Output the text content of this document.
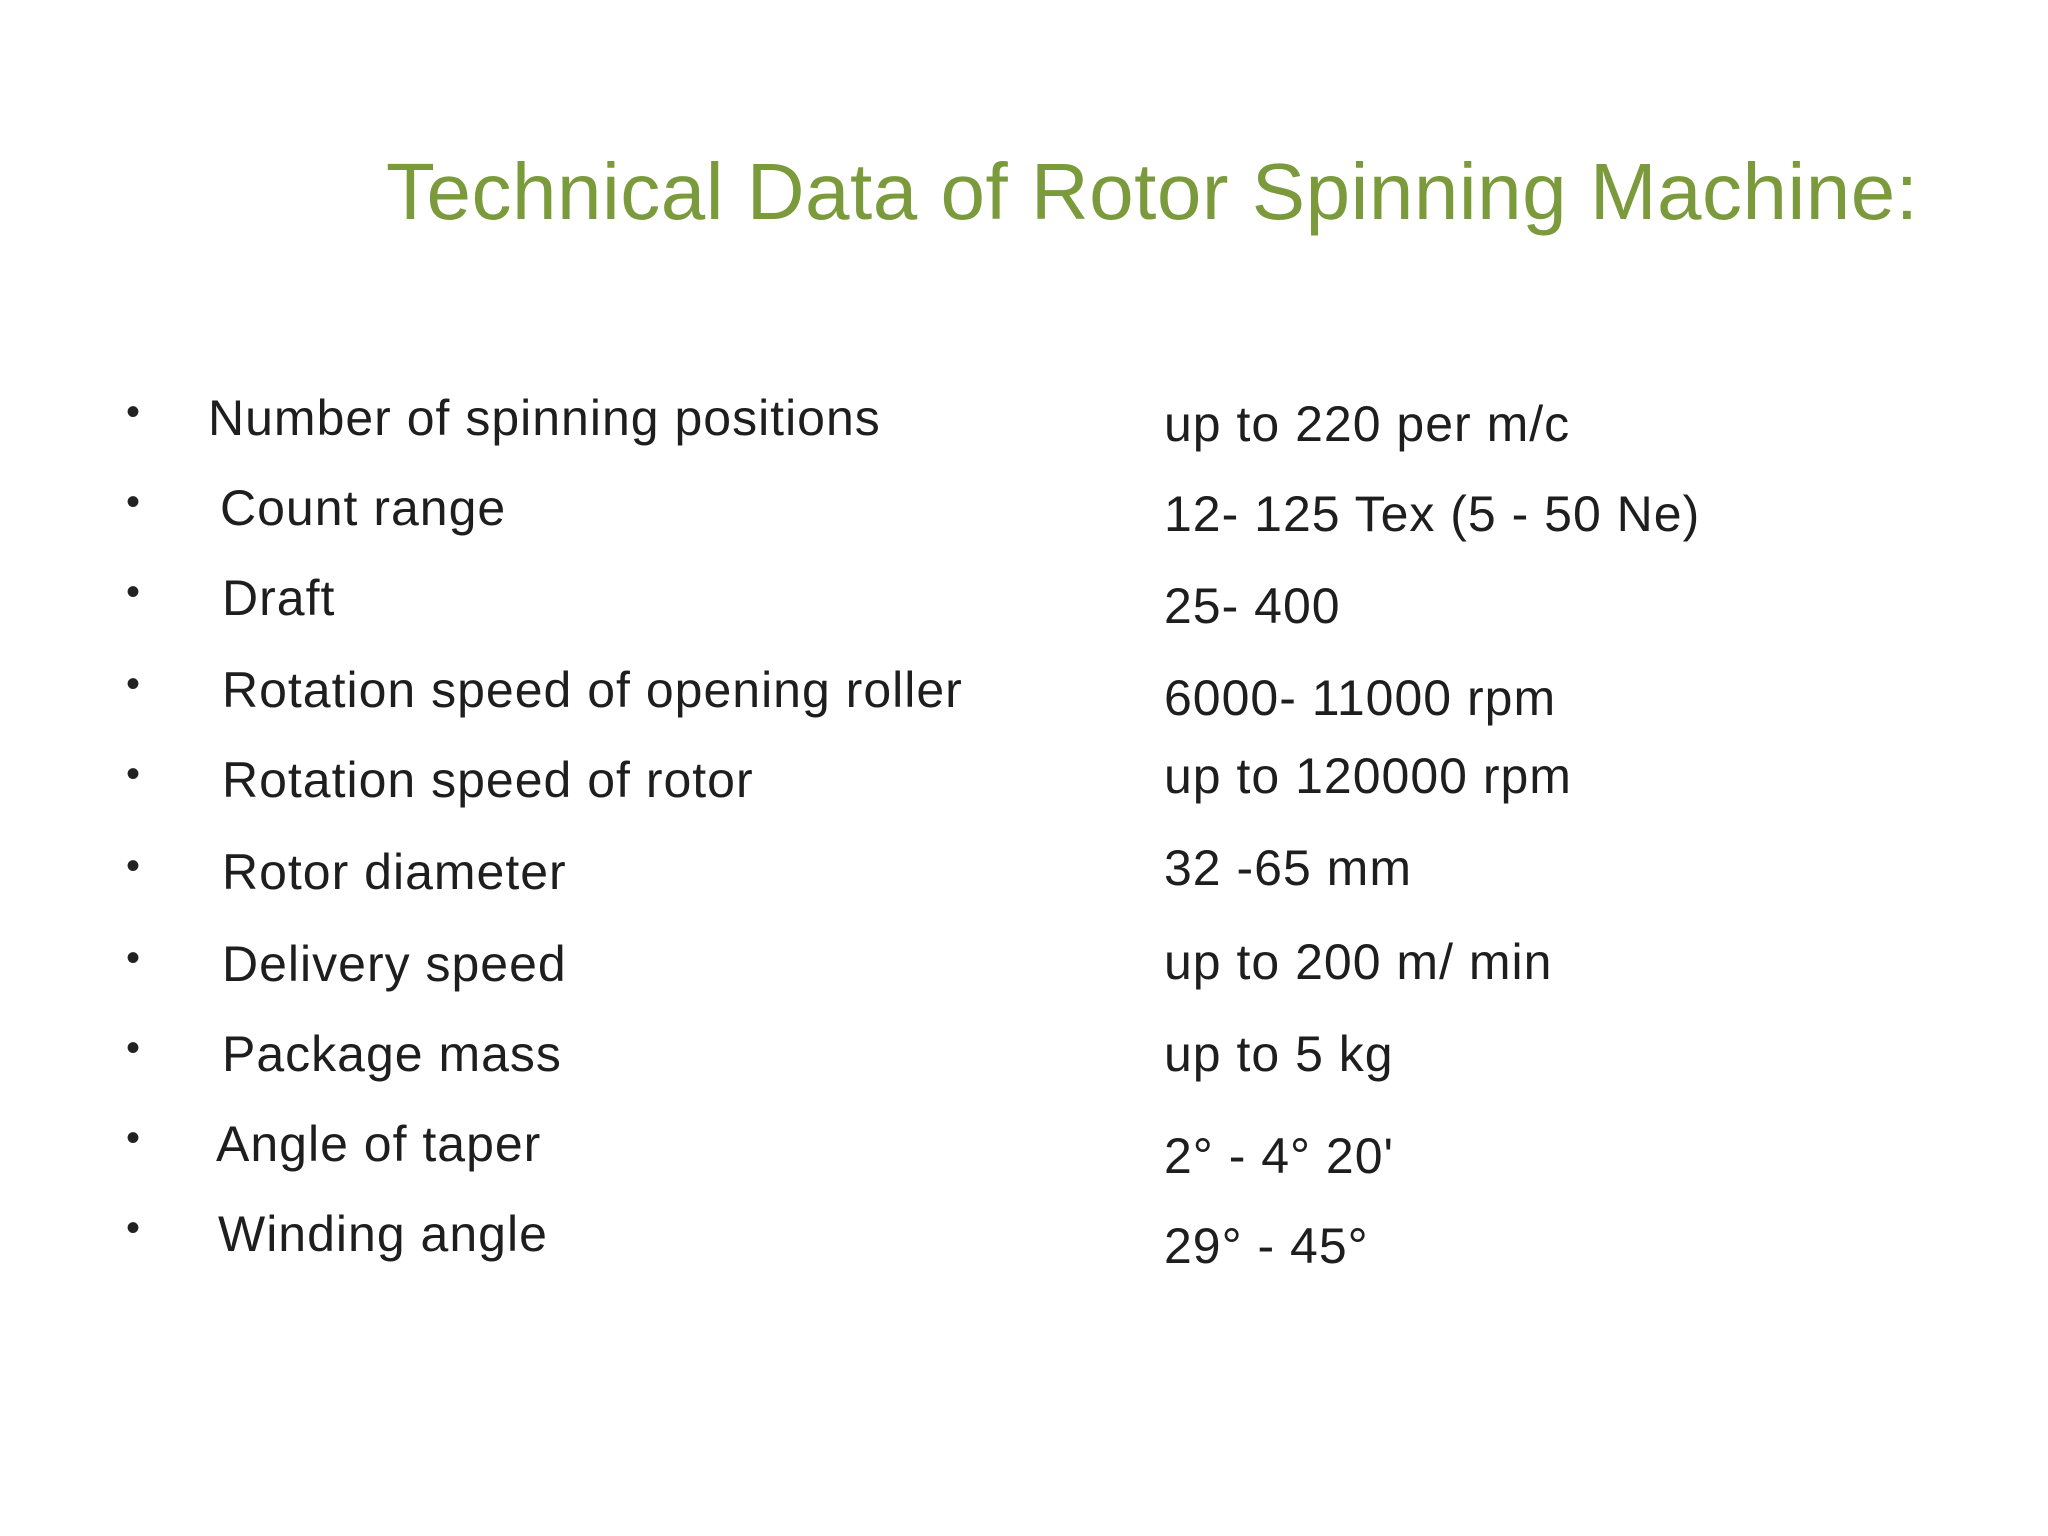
Technical Data of Rotor Spinning Machine:
• Number of spinning positions	up to 220 per m/c
• Count range	12- 125 Tex (5 - 50 Ne)
• Draft	25- 400
• Rotation speed of opening roller	6000- 11000 rpm
• Rotation speed of rotor	up to 120000 rpm
• Rotor diameter	32 -65 mm
• Delivery speed	up to 200 m/ min
• Package mass	up to 5 kg
• Angle of taper	2° - 4° 20'
• Winding angle	29° - 45°
